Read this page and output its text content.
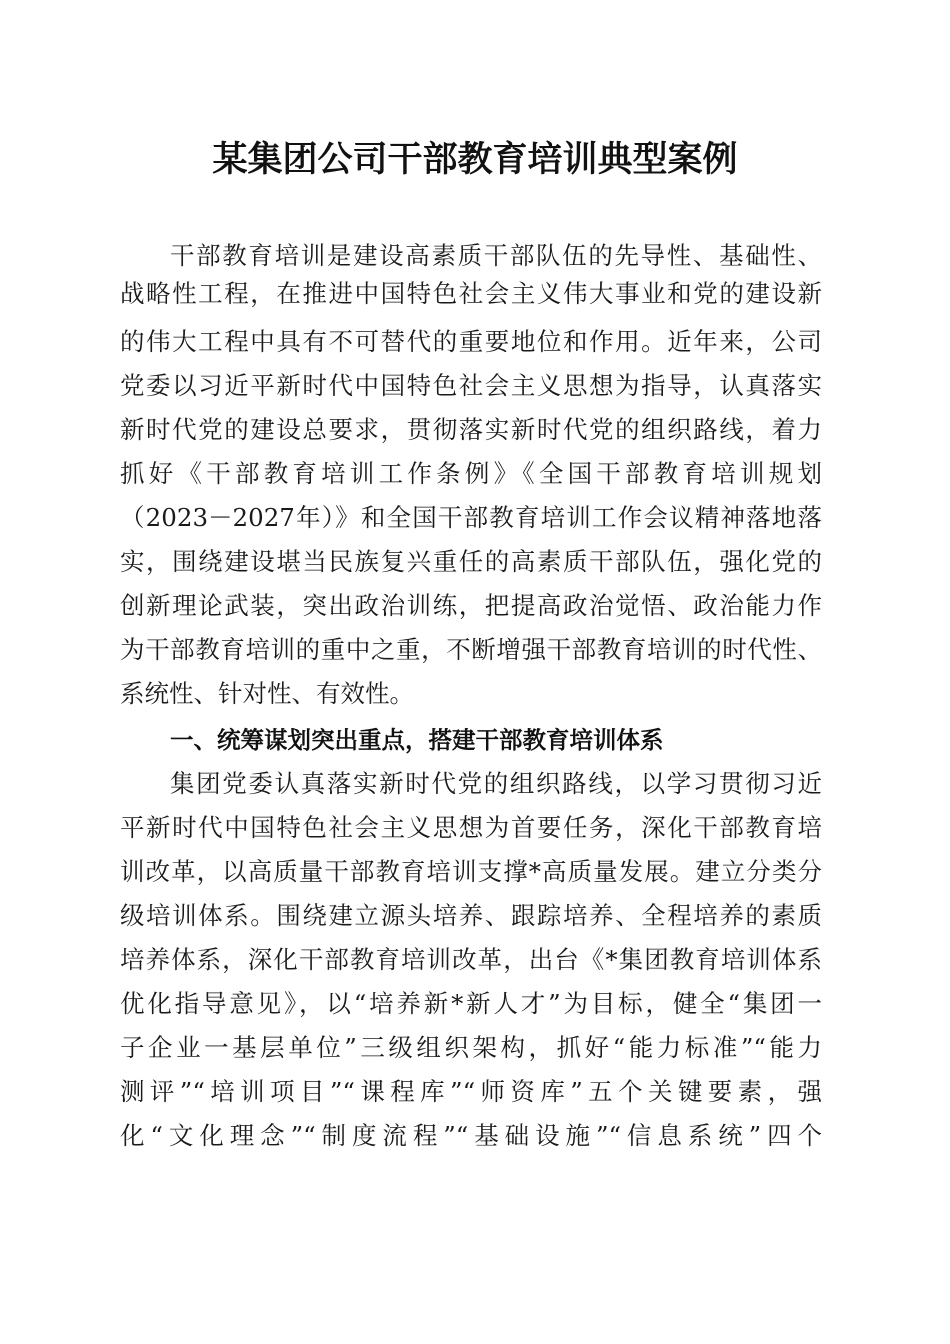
某集团公司干部教育培训典型案例
干部教育培训是建设高素质干部队伍的先导性、基础性、
战略性工程，在推进中国特色社会主义伟大事业和党的建设新
的伟大工程中具有不可替代的重要地位和作用。近年来，公司
党委以习近平新时代中国特色社会主义思想为指导，认真落实
新时代党的建设总要求，贯彻落实新时代党的组织路线，着力
抓好《干部教育培训工作条例》《全国干部教育培训规划
（2023－2027年）》和全国干部教育培训工作会议精神落地落
实，围绕建设堪当民族复兴重任的高素质干部队伍，强化党的
创新理论武装，突出政治训练，把提高政治觉悟、政治能力作
为干部教育培训的重中之重，不断增强干部教育培训的时代性、
系统性、针对性、有效性。
一、统筹谋划突出重点，搭建干部教育培训体系
集团党委认真落实新时代党的组织路线，以学习贯彻习近
平新时代中国特色社会主义思想为首要任务，深化干部教育培
训改革，以高质量干部教育培训支撑*高质量发展。建立分类分
级培训体系。围绕建立源头培养、跟踪培养、全程培养的素质
培养体系，深化干部教育培训改革，出台《*集团教育培训体系
优化指导意见》，以“培养新*新人才”为目标，健全“集团一
子企业一基层单位”三级组织架构，抓好“能力标准”“能力
测评”“培训项目”“课程库”“师资库”五个关键要素，强
化“文化理念”“制度流程”“基础设施”“信息系统”四个
